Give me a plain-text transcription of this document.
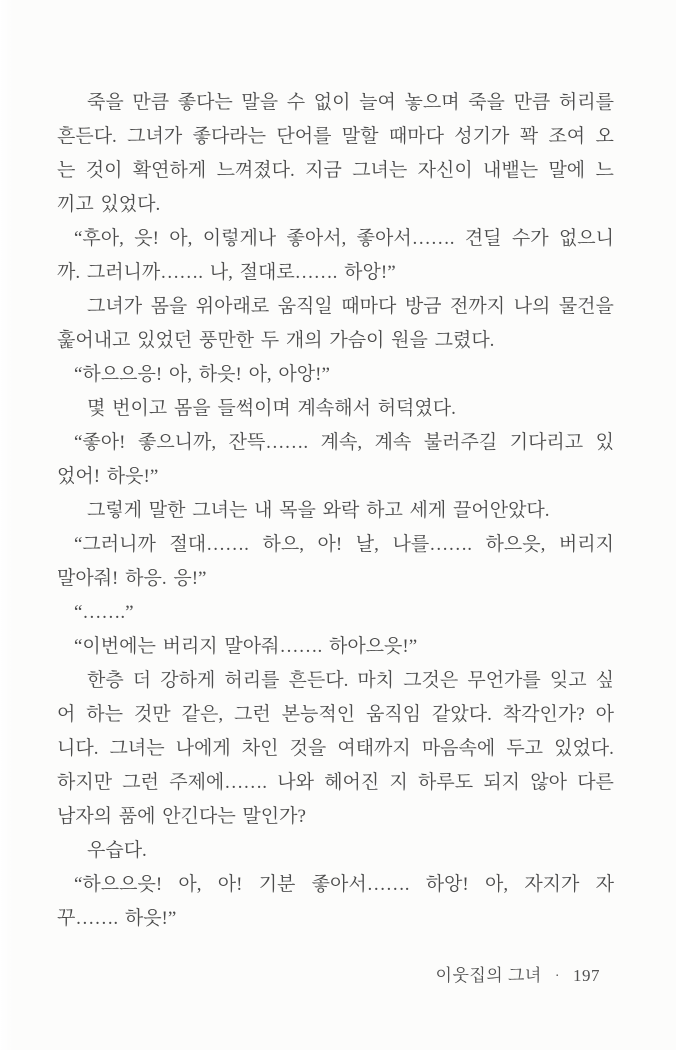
죽을 만큼 좋다는 말을 수 없이 늘여 놓으며 죽을 만큼 허리를
흔든다. 그녀가 좋다라는 단어를 말할 때마다 성기가 꽉 조여 오
는 것이 확연하게 느껴졌다. 지금 그녀는 자신이 내뱉는 말에 느
끼고 있었다.
“후아, 읏! 아, 이렇게나 좋아서, 좋아서……. 견딜 수가 없으니
까. 그러니까……. 나, 절대로……. 하앙!”
그녀가 몸을 위아래로 움직일 때마다 방금 전까지 나의 물건을
훑어내고 있었던 풍만한 두 개의 가슴이 원을 그렸다.
“하으으응! 아, 하읏! 아, 아앙!”
몇 번이고 몸을 들썩이며 계속해서 허덕였다.
“좋아! 좋으니까, 잔뜩……. 계속, 계속 불러주길 기다리고 있
었어! 하읏!”
그렇게 말한 그녀는 내 목을 와락 하고 세게 끌어안았다.
“그러니까 절대……. 하으, 아! 날, 나를……. 하으읏, 버리지
말아줘! 하응. 응!”
“…….”
“이번에는 버리지 말아줘……. 하아으읏!”
한층 더 강하게 허리를 흔든다. 마치 그것은 무언가를 잊고 싶
어 하는 것만 같은, 그런 본능적인 움직임 같았다. 착각인가? 아
니다. 그녀는 나에게 차인 것을 여태까지 마음속에 두고 있었다.
하지만 그런 주제에……. 나와 헤어진 지 하루도 되지 않아 다른
남자의 품에 안긴다는 말인가?
우습다.
“하으으읏! 아, 아! 기분 좋아서……. 하앙! 아, 자지가 자
꾸……. 하읏!”
이웃집의 그녀 · 197
